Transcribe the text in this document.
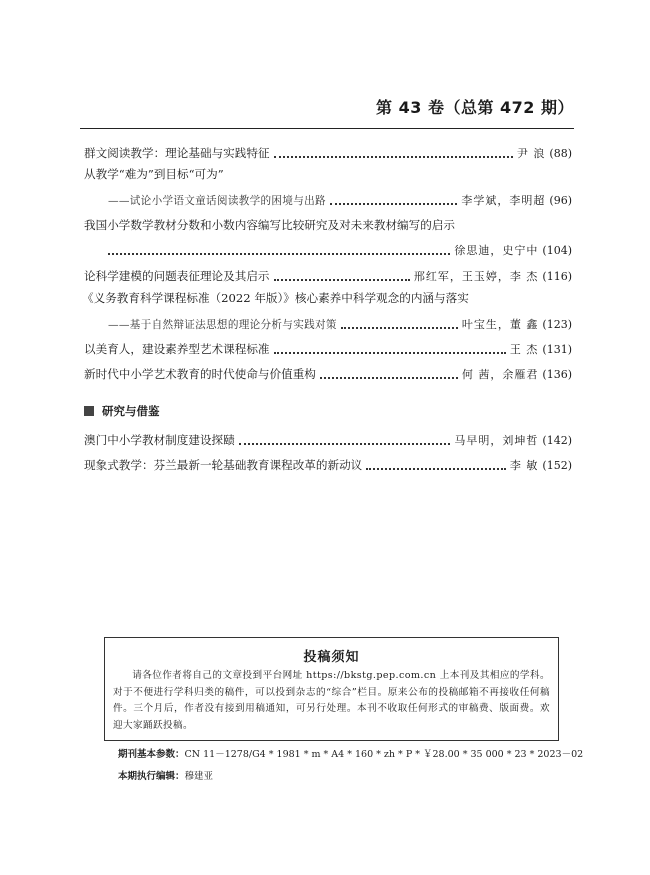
第 43 卷（总第 472 期）
群文阅读教学：理论基础与实践特征	尹 浪 (88)
从教学“难为”到目标“可为”
——试论小学语文童话阅读教学的困境与出路	李学斌，李明超 (96)
我国小学数学教材分数和小数内容编写比较研究及对未来教材编写的启示
徐思迪，史宁中 (104)
论科学建模的问题表征理论及其启示	邢红军，王玉婷，李 杰 (116)
《义务教育科学课程标准（2022 年版）》核心素养中科学观念的内涵与落实
——基于自然辩证法思想的理论分析与实践对策	叶宝生，董 鑫 (123)
以美育人，建设素养型艺术课程标准	王 杰 (131)
新时代中小学艺术教育的时代使命与价值重构	何 茜，余雁君 (136)
研究与借鉴
澳门中小学教材制度建设探赜	马早明，刘坤哲 (142)
现象式教学：芬兰最新一轮基础教育课程改革的新动议	李 敏 (152)
投稿须知

请各位作者将自己的文章投到平台网址 https://bkstg.pep.com.cn 上本刊及其相应的学科。对于不便进行学科归类的稿件，可以投到杂志的“综合”栏目。原来公布的投稿邮箱不再接收任何稿件。三个月后，作者没有接到用稿通知，可另行处理。本刊不收取任何形式的审稿费、版面费。欢迎大家踊跃投稿。

期刊基本参数：CN 11－1278/G4 * 1981 * m * A4 * 160 * zh * P * ￥28.00 * 35 000 * 23 * 2023－02
本期执行编辑：穆建亚
